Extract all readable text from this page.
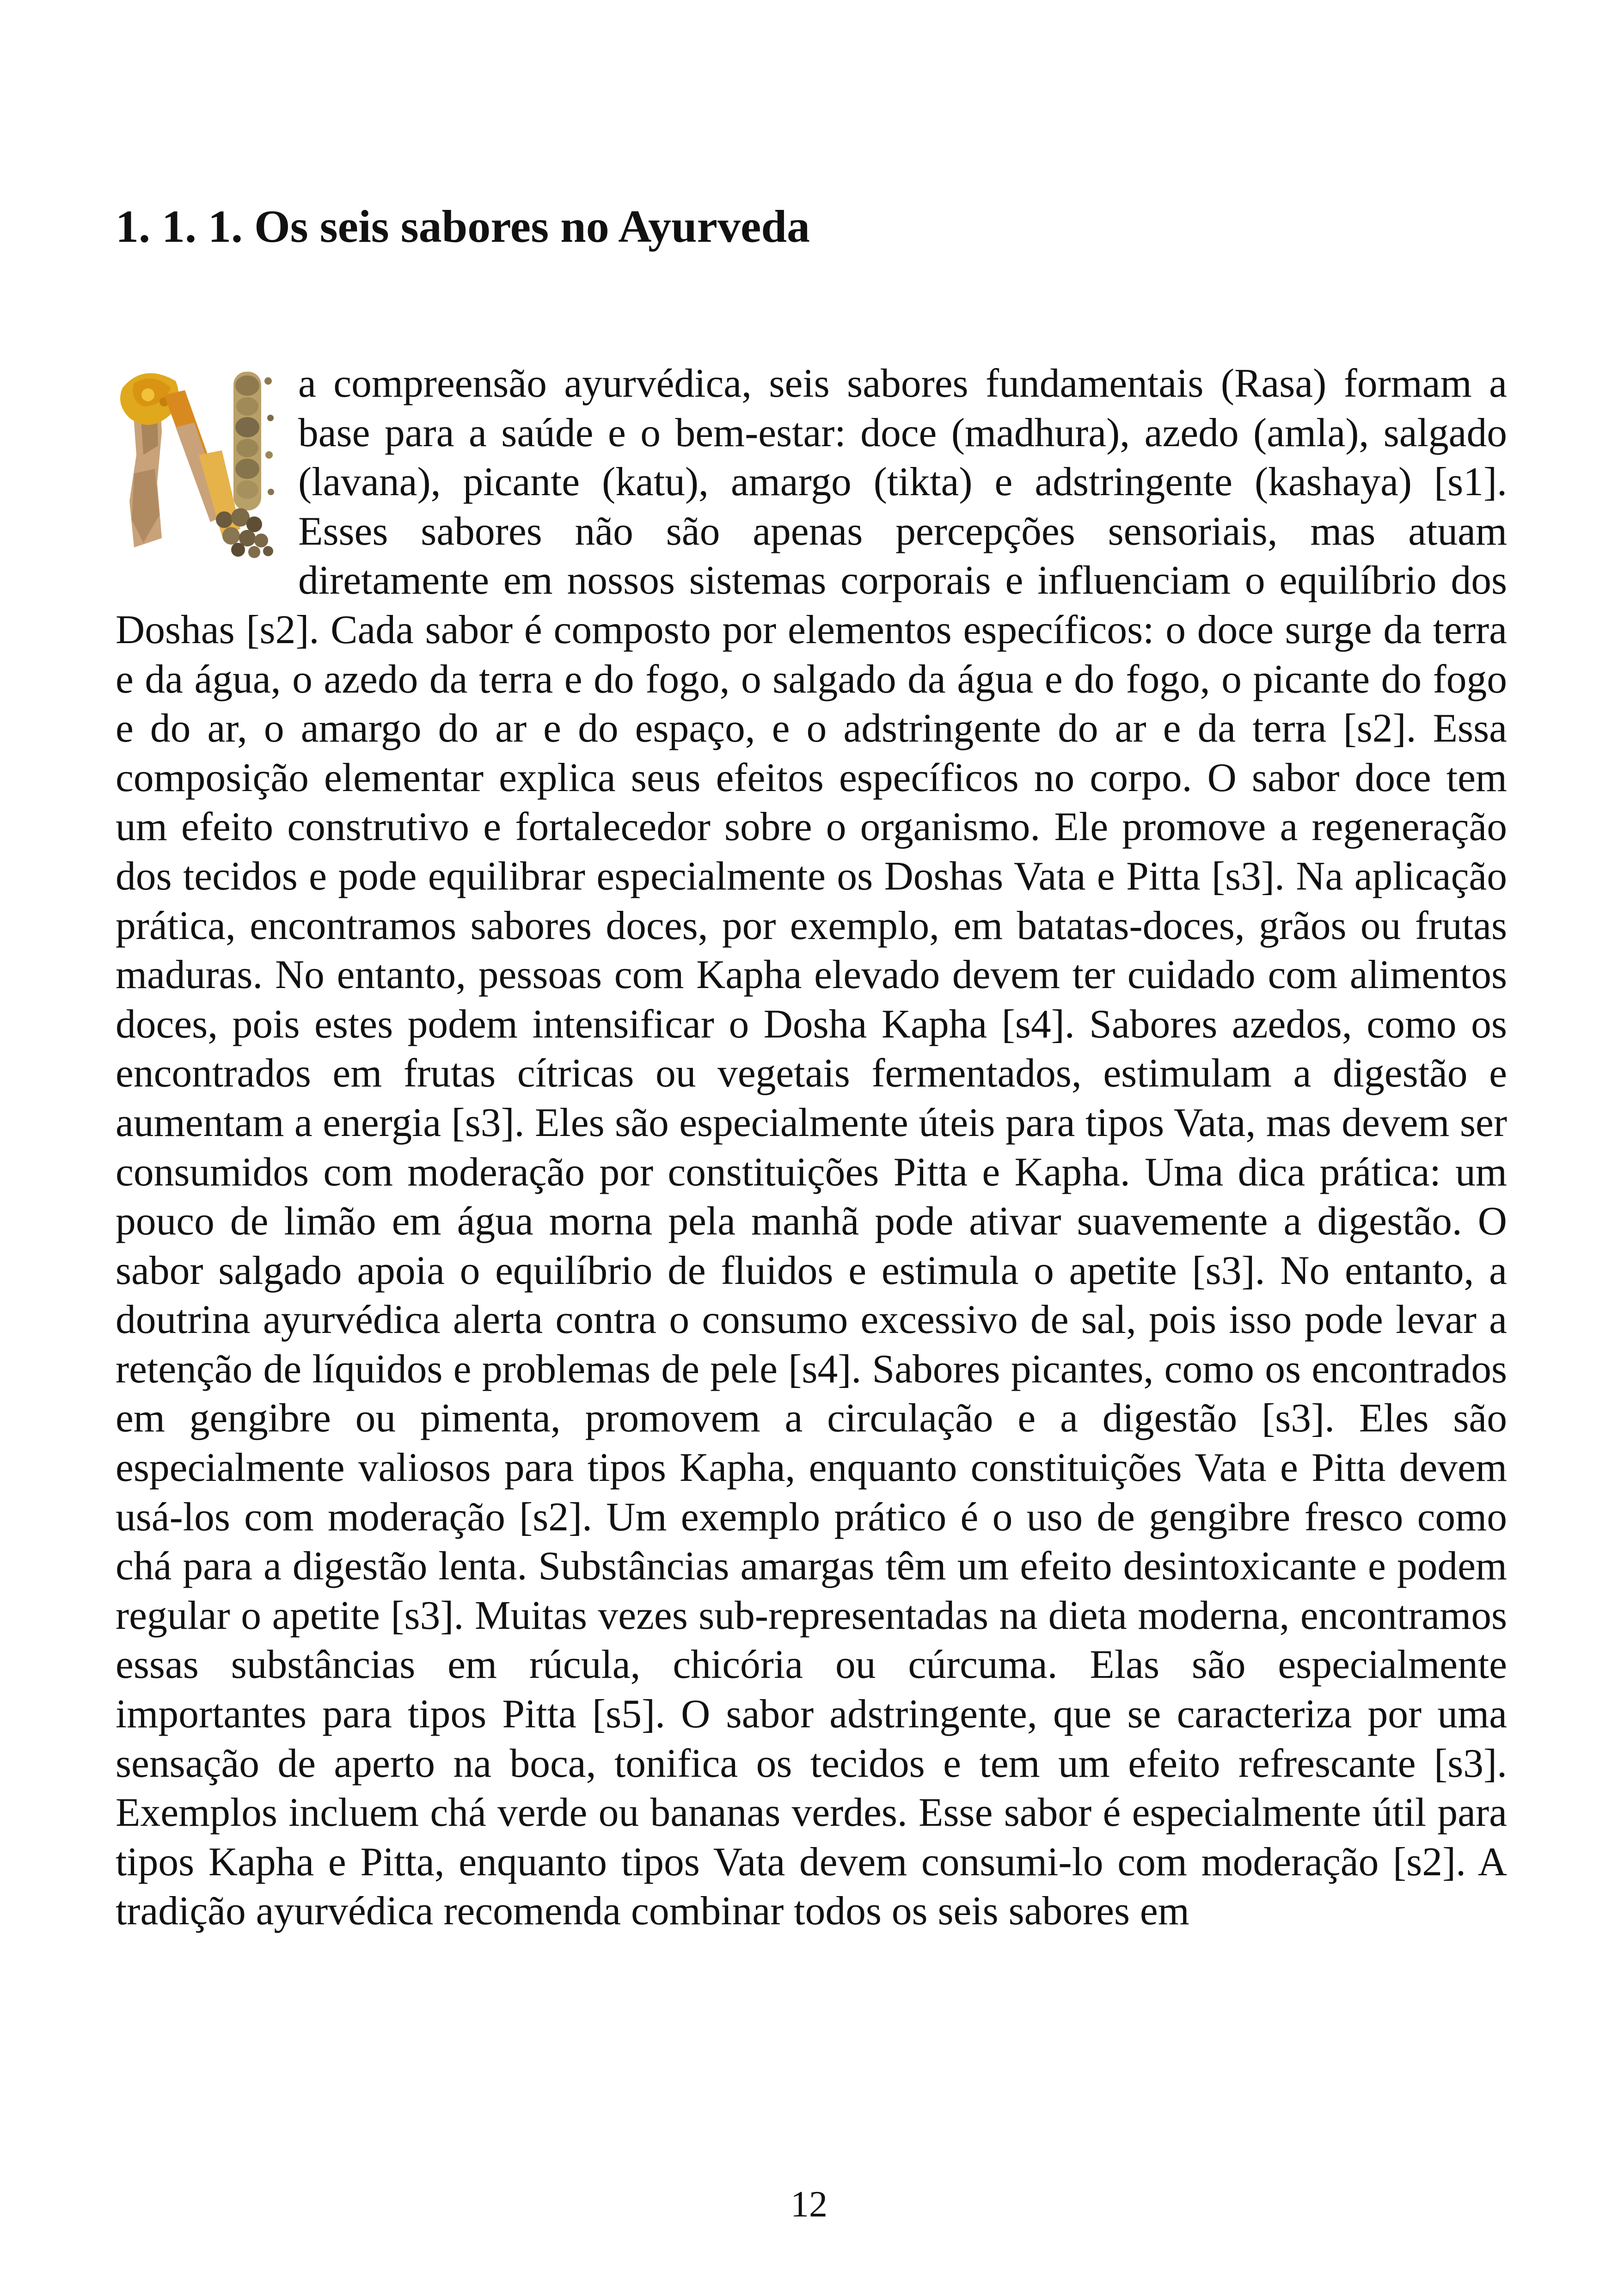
1. 1. 1. Os seis sabores no Ayurveda

a compreensão ayurvédica, seis sabores fundamentais (Rasa) formam a base para a saúde e o bem-estar: doce (madhura), azedo (amla), salgado (lavana), picante (katu), amargo (tikta) e adstringente (kashaya) [s1]. Esses sabores não são apenas percepções sensoriais, mas atuam diretamente em nossos sistemas corporais e influenciam o equilíbrio dos Doshas [s2]. Cada sabor é composto por elementos específicos: o doce surge da terra e da água, o azedo da terra e do fogo, o salgado da água e do fogo, o picante do fogo e do ar, o amargo do ar e do espaço, e o adstringente do ar e da terra [s2]. Essa composição elementar explica seus efeitos específicos no corpo. O sabor doce tem um efeito construtivo e fortalecedor sobre o organismo. Ele promove a regeneração dos tecidos e pode equilibrar especialmente os Doshas Vata e Pitta [s3]. Na aplicação prática, encontramos sabores doces, por exemplo, em batatas-doces, grãos ou frutas maduras. No entanto, pessoas com Kapha elevado devem ter cuidado com alimentos doces, pois estes podem intensificar o Dosha Kapha [s4]. Sabores azedos, como os encontrados em frutas cítricas ou vegetais fermentados, estimulam a digestão e aumentam a energia [s3]. Eles são especialmente úteis para tipos Vata, mas devem ser consumidos com moderação por constituições Pitta e Kapha. Uma dica prática: um pouco de limão em água morna pela manhã pode ativar suavemente a digestão. O sabor salgado apoia o equilíbrio de fluidos e estimula o apetite [s3]. No entanto, a doutrina ayurvédica alerta contra o consumo excessivo de sal, pois isso pode levar a retenção de líquidos e problemas de pele [s4]. Sabores picantes, como os encontrados em gengibre ou pimenta, promovem a circulação e a digestão [s3]. Eles são especialmente valiosos para tipos Kapha, enquanto constituições Vata e Pitta devem usá-los com moderação [s2]. Um exemplo prático é o uso de gengibre fresco como chá para a digestão lenta. Substâncias amargas têm um efeito desintoxicante e podem regular o apetite [s3]. Muitas vezes sub-representadas na dieta moderna, encontramos essas substâncias em rúcula, chicória ou cúrcuma. Elas são especialmente importantes para tipos Pitta [s5]. O sabor adstringente, que se caracteriza por uma sensação de aperto na boca, tonifica os tecidos e tem um efeito refrescante [s3]. Exemplos incluem chá verde ou bananas verdes. Esse sabor é especialmente útil para tipos Kapha e Pitta, enquanto tipos Vata devem consumi-lo com moderação [s2]. A tradição ayurvédica recomenda combinar todos os seis sabores em

12
